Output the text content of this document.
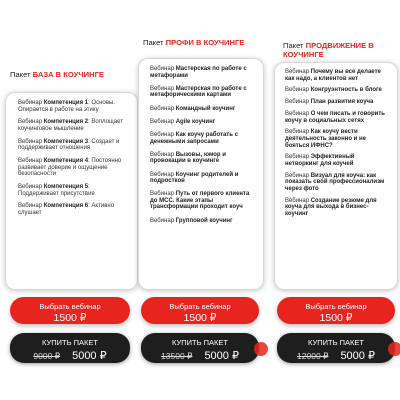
Пакет БАЗА В КОУЧИНГЕ
Вебинар Компетенция 1: Основы. Опирается в работе на этику
Вебинар Компетенция 2: Воплощает коучинговое мышление
Вебинар Компетенция 3: Создает и поддерживает отношения
Вебинар Компетенция 4: Постоянно развивает доверие и ощущение безопасности
Вебинар Компетенция 5: Поддерживает присутствие
Вебинар Компетенция 6: Активно слушает
Выбрать вебинар
1500 ₽
КУПИТЬ ПАКЕТ
9000 ₽ 5000 ₽
Пакет ПРОФИ В КОУЧИНГЕ
Вебинар Мастерская по работе с метафорами
Вебинар Мастерская по работе с метафорическими картами
Вебинар Командный коучинг
Вебинар Agile коучинг
Вебинар Как коучу работать с денежными запросами
Вебинар Вызовы, юмор и провокации в коучинге
Вебинар Коучинг родителей и подростков
Вебинар Путь от первого клиента до МСС. Какие этапы трансформации проходит коуч
Вебинар Групповой коучинг
Выбрать вебинар
1500 ₽
КУПИТЬ ПАКЕТ
13500 ₽ 5000 ₽
Пакет ПРОДВИЖЕНИЕ В КОУЧИНГЕ
Вебинар Почему вы все делаете как надо, а клиентов нет
Вебинар Конгруэнтность в блоге
Вебинар План развития коуча
Вебинар О чем писать и говорить коучу в социальных сетях
Вебинар Как коучу вести деятельность законно и не бояться ИФНС?
Вебинар Эффективный нетворкинг для коучей
Вебинар Визуал для коуча: как показать свой профессионализм через фото
Вебинар Создание резюме для коуча для выхода в бизнес-коучинг
Выбрать вебинар
1500 ₽
КУПИТЬ ПАКЕТ
12000 ₽ 5000 ₽
